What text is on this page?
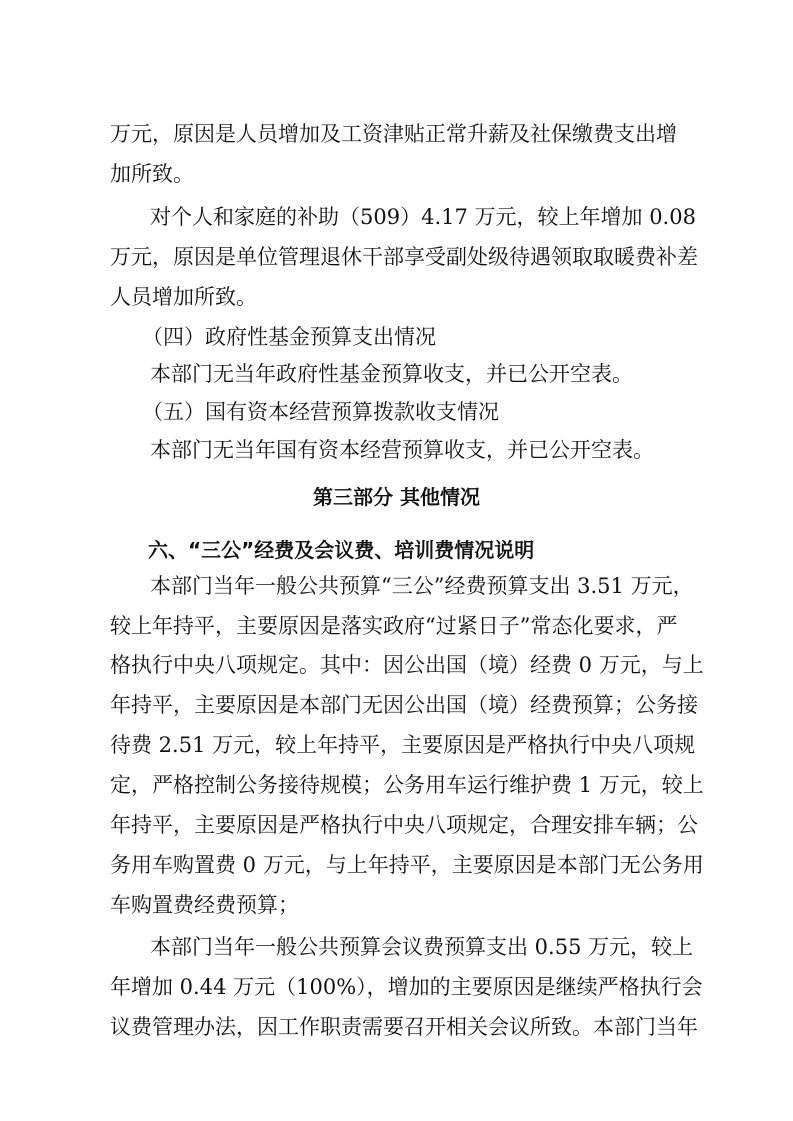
万元，原因是人员增加及工资津贴正常升薪及社保缴费支出增
加所致。
对个人和家庭的补助（509）4.17 万元，较上年增加 0.08
万元，原因是单位管理退休干部享受副处级待遇领取取暖费补差
人员增加所致。
（四）政府性基金预算支出情况
本部门无当年政府性基金预算收支，并已公开空表。
（五）国有资本经营预算拨款收支情况
本部门无当年国有资本经营预算收支，并已公开空表。
第三部分 其他情况
六、“三公”经费及会议费、培训费情况说明
本部门当年一般公共预算“三公”经费预算支出 3.51 万元，
较上年持平，主要原因是落实政府“过紧日子”常态化要求，严
格执行中央八项规定。其中：因公出国（境）经费 0 万元，与上
年持平，主要原因是本部门无因公出国（境）经费预算；公务接
待费 2.51 万元，较上年持平，主要原因是严格执行中央八项规
定，严格控制公务接待规模；公务用车运行维护费 1 万元，较上
年持平，主要原因是严格执行中央八项规定，合理安排车辆；公
务用车购置费 0 万元，与上年持平，主要原因是本部门无公务用
车购置费经费预算；
本部门当年一般公共预算会议费预算支出 0.55 万元，较上
年增加 0.44 万元（100%），增加的主要原因是继续严格执行会
议费管理办法，因工作职责需要召开相关会议所致。本部门当年
